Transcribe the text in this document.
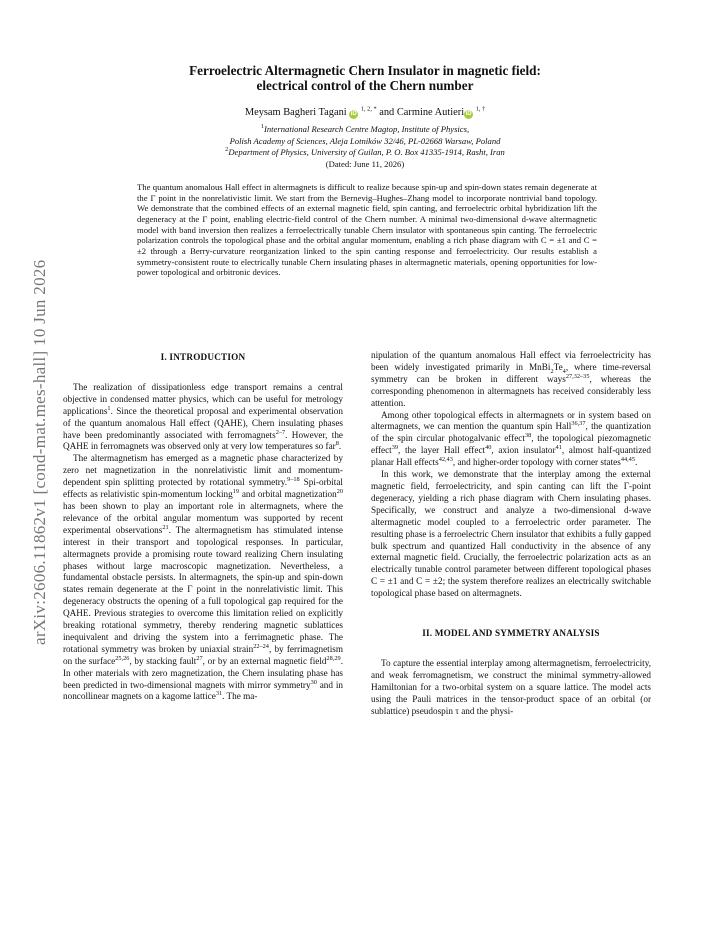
arXiv:2606.11862v1 [cond-mat.mes-hall] 10 Jun 2026
Ferroelectric Altermagnetic Chern Insulator in magnetic field:
electrical control of the Chern number
Meysam Bagheri Tagani iD $^{1, 2, *}$ and Carmine Autieri iD $^{1, \dagger}$
$^1$International Research Centre Magtop, Institute of Physics,
Polish Academy of Sciences, Aleja Lotników 32/46, PL-02668 Warsaw, Poland
$^2$Department of Physics, University of Guilan, P. O. Box 41335-1914, Rasht, Iran
(Dated: June 11, 2026)
The quantum anomalous Hall effect in altermagnets is difficult to realize because spin-up and spin-down states remain degenerate at the Γ point in the nonrelativistic limit. We start from the Bernevig–Hughes–Zhang model to incorporate nontrivial band topology. We demonstrate that the combined effects of an external magnetic field, spin canting, and ferroelectric orbital hybridization lift the degeneracy at the Γ point, enabling electric-field control of the Chern number. A minimal two-dimensional d-wave altermagnetic model with band inversion then realizes a ferroelectrically tunable Chern insulator with spontaneous spin canting. The ferroelectric polarization controls the topological phase and the orbital angular momentum, enabling a rich phase diagram with C = ±1 and C = ±2 through a Berry-curvature reorganization linked to the spin canting response and ferroelectricity. Our results establish a symmetry-consistent route to electrically tunable Chern insulating phases in altermagnetic materials, opening opportunities for low-power topological and orbitronic devices.
I. INTRODUCTION

The realization of dissipationless edge transport remains a central objective in condensed matter physics, which can be useful for metrology applications$^1$. Since the theoretical proposal and experimental observation of the quantum anomalous Hall effect (QAHE), Chern insulating phases have been predominantly associated with ferromagnets$^{2-7}$. However, the QAHE in ferromagnets was observed only at very low temperatures so far$^8$.

The altermagnetism has emerged as a magnetic phase characterized by zero net magnetization in the nonrelativistic limit and momentum-dependent spin splitting protected by rotational symmetry.$^{9-18}$ Spi-orbital effects as relativistic spin-momentum locking$^{19}$ and orbital magnetization$^{20}$ has been shown to play an important role in altermagnets, where the relevance of the orbital angular momentum was supported by recent experimental observations$^{21}$. The altermagnetism has stimulated intense interest in their transport and topological responses. In particular, altermagnets provide a promising route toward realizing Chern insulating phases without large macroscopic magnetization. Nevertheless, a fundamental obstacle persists. In altermagnets, the spin-up and spin-down states remain degenerate at the Γ point in the nonrelativistic limit. This degeneracy obstructs the opening of a full topological gap required for the QAHE. Previous strategies to overcome this limitation relied on explicitly breaking rotational symmetry, thereby rendering magnetic sublattices inequivalent and driving the system into a ferrimagnetic phase. The rotational symmetry was broken by uniaxial strain$^{22-24}$, by ferrimagnetism on the surface$^{25,26}$, by stacking fault$^{27}$, or by an external magnetic field$^{28,29}$. In other materials with zero magnetization, the Chern insulating phase has been predicted in two-dimensional magnets with mirror symmetry$^{30}$ and in noncollinear magnets on a kagome lattice$^{31}$. The ma-

nipulation of the quantum anomalous Hall effect via ferroelectricity has been widely investigated primarily in $MnBi_2Te_4$, where time-reversal symmetry can be broken in different ways$^{27,32-35}$, whereas the corresponding phenomenon in altermagnets has received considerably less attention.

Among other topological effects in altermagnets or in system based on altermagnets, we can mention the quantum spin Hall$^{36,37}$, the quantization of the spin circular photogalvanic effect$^{38}$, the topological piezomagnetic effect$^{39}$, the layer Hall effect$^{40}$, axion insulator$^{41}$, almost half-quantized planar Hall effects$^{42,43}$, and higher-order topology with corner states$^{44,45}$.

In this work, we demonstrate that the interplay among the external magnetic field, ferroelectricity, and spin canting can lift the Γ-point degeneracy, yielding a rich phase diagram with Chern insulating phases. Specifically, we construct and analyze a two-dimensional d-wave altermagnetic model coupled to a ferroelectric order parameter. The resulting phase is a ferroelectric Chern insulator that exhibits a fully gapped bulk spectrum and quantized Hall conductivity in the absence of any external magnetic field. Crucially, the ferroelectric polarization acts as an electrically tunable control parameter between different topological phases C = ±1 and C = ±2; the system therefore realizes an electrically switchable topological phase based on altermagnets.

II. MODEL AND SYMMETRY ANALYSIS

To capture the essential interplay among altermagnetism, ferroelectricity, and weak ferromagnetism, we construct the minimal symmetry-allowed Hamiltonian for a two-orbital system on a square lattice. The model acts using the Pauli matrices in the tensor-product space of an orbital (or sublattice) pseudospin τ and the physi-
